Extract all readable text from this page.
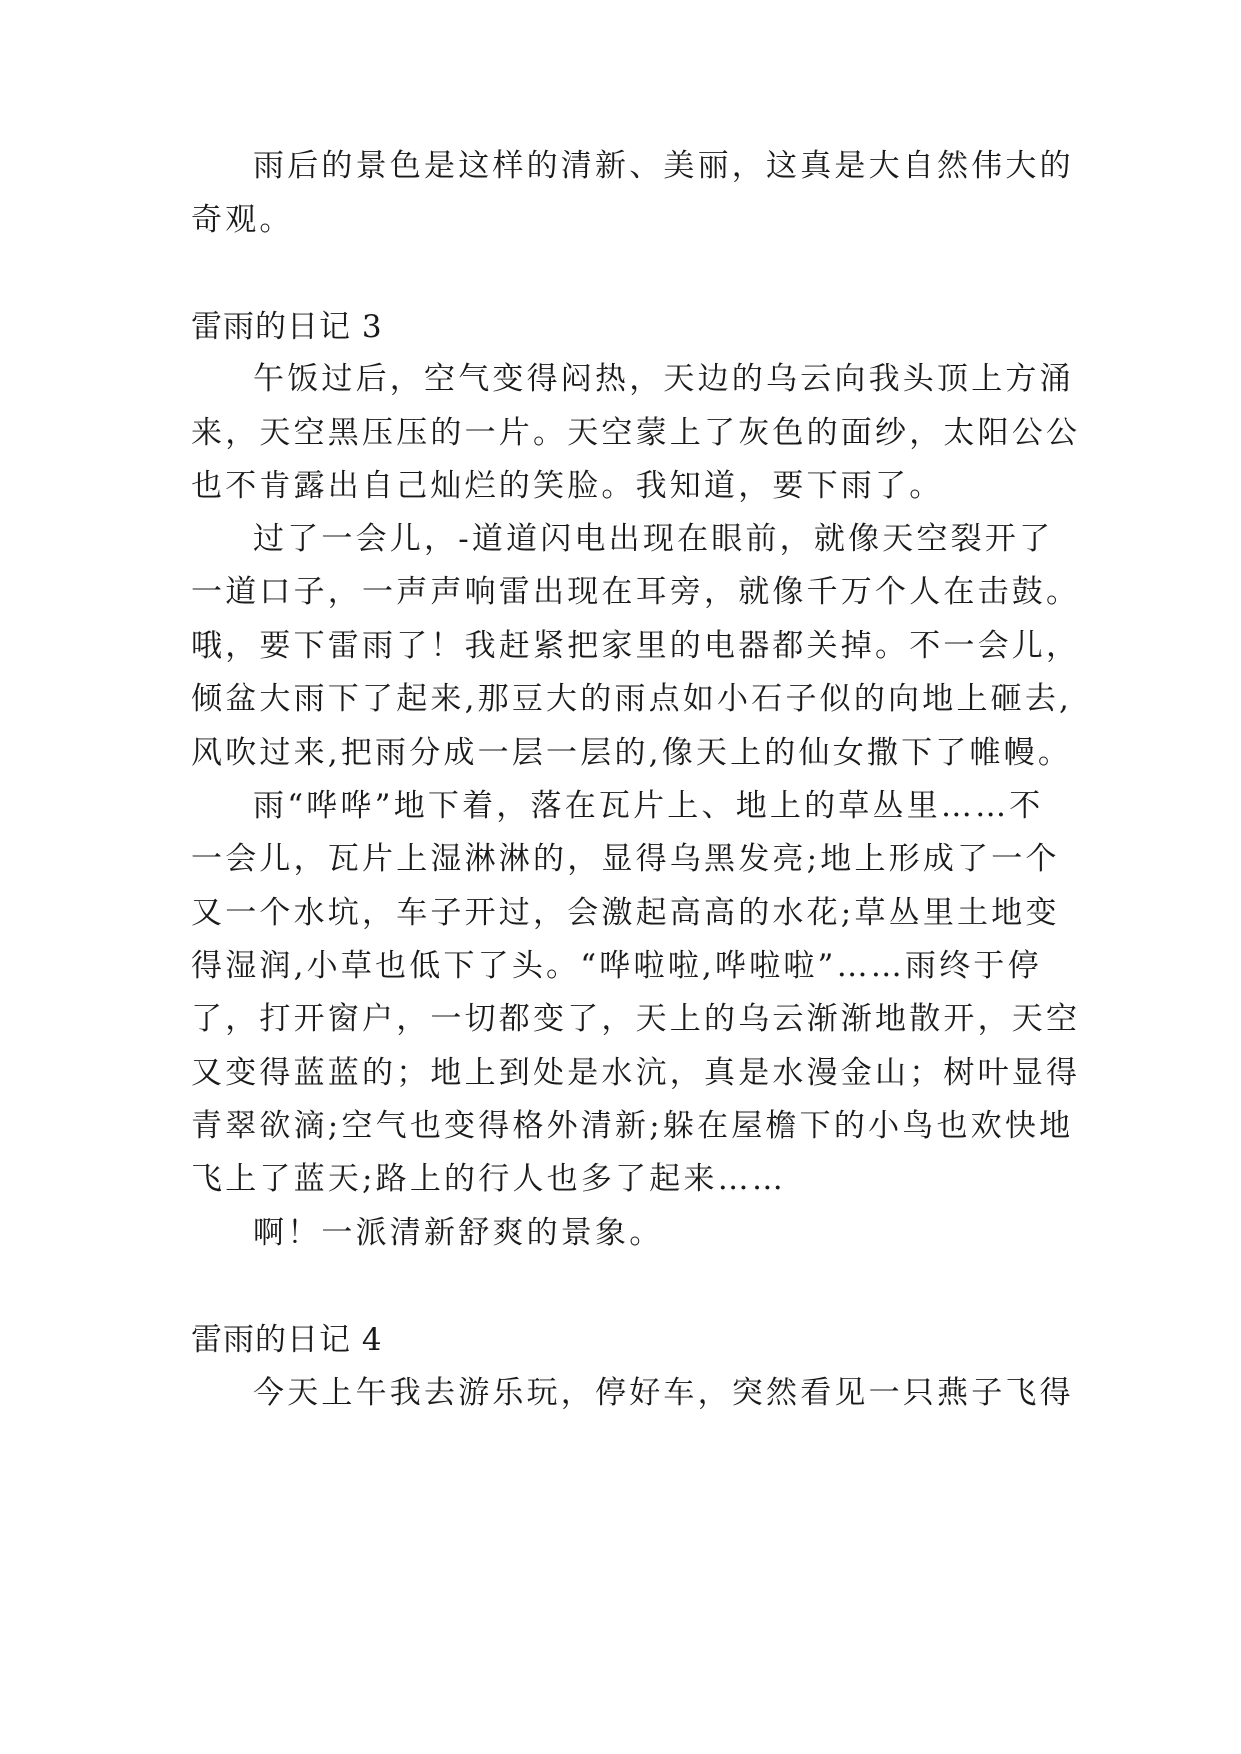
雨后的景色是这样的清新、美丽，这真是大自然伟大的
奇观。
雷雨的日记 3
午饭过后，空气变得闷热，天边的乌云向我头顶上方涌
来，天空黑压压的一片。天空蒙上了灰色的面纱，太阳公公
也不肯露出自己灿烂的笑脸。我知道，要下雨了。
过了一会儿，-道道闪电出现在眼前，就像天空裂开了
一道口子，一声声响雷出现在耳旁，就像千万个人在击鼓。
哦，要下雷雨了！我赶紧把家里的电器都关掉。不一会儿，
倾盆大雨下了起来,那豆大的雨点如小石子似的向地上砸去,
风吹过来,把雨分成一层一层的,像天上的仙女撒下了帷幔。
雨“哗哗”地下着，落在瓦片上、地上的草丛里……不
一会儿，瓦片上湿淋淋的，显得乌黑发亮;地上形成了一个
又一个水坑，车子开过，会激起高高的水花;草丛里土地变
得湿润,小草也低下了头。“哗啦啦,哗啦啦”……雨终于停
了，打开窗户，一切都变了，天上的乌云渐渐地散开，天空
又变得蓝蓝的；地上到处是水沆，真是水漫金山；树叶显得
青翠欲滴;空气也变得格外清新;躲在屋檐下的小鸟也欢快地
飞上了蓝天;路上的行人也多了起来……
啊！一派清新舒爽的景象。
雷雨的日记 4
今天上午我去游乐玩，停好车，突然看见一只燕子飞得
